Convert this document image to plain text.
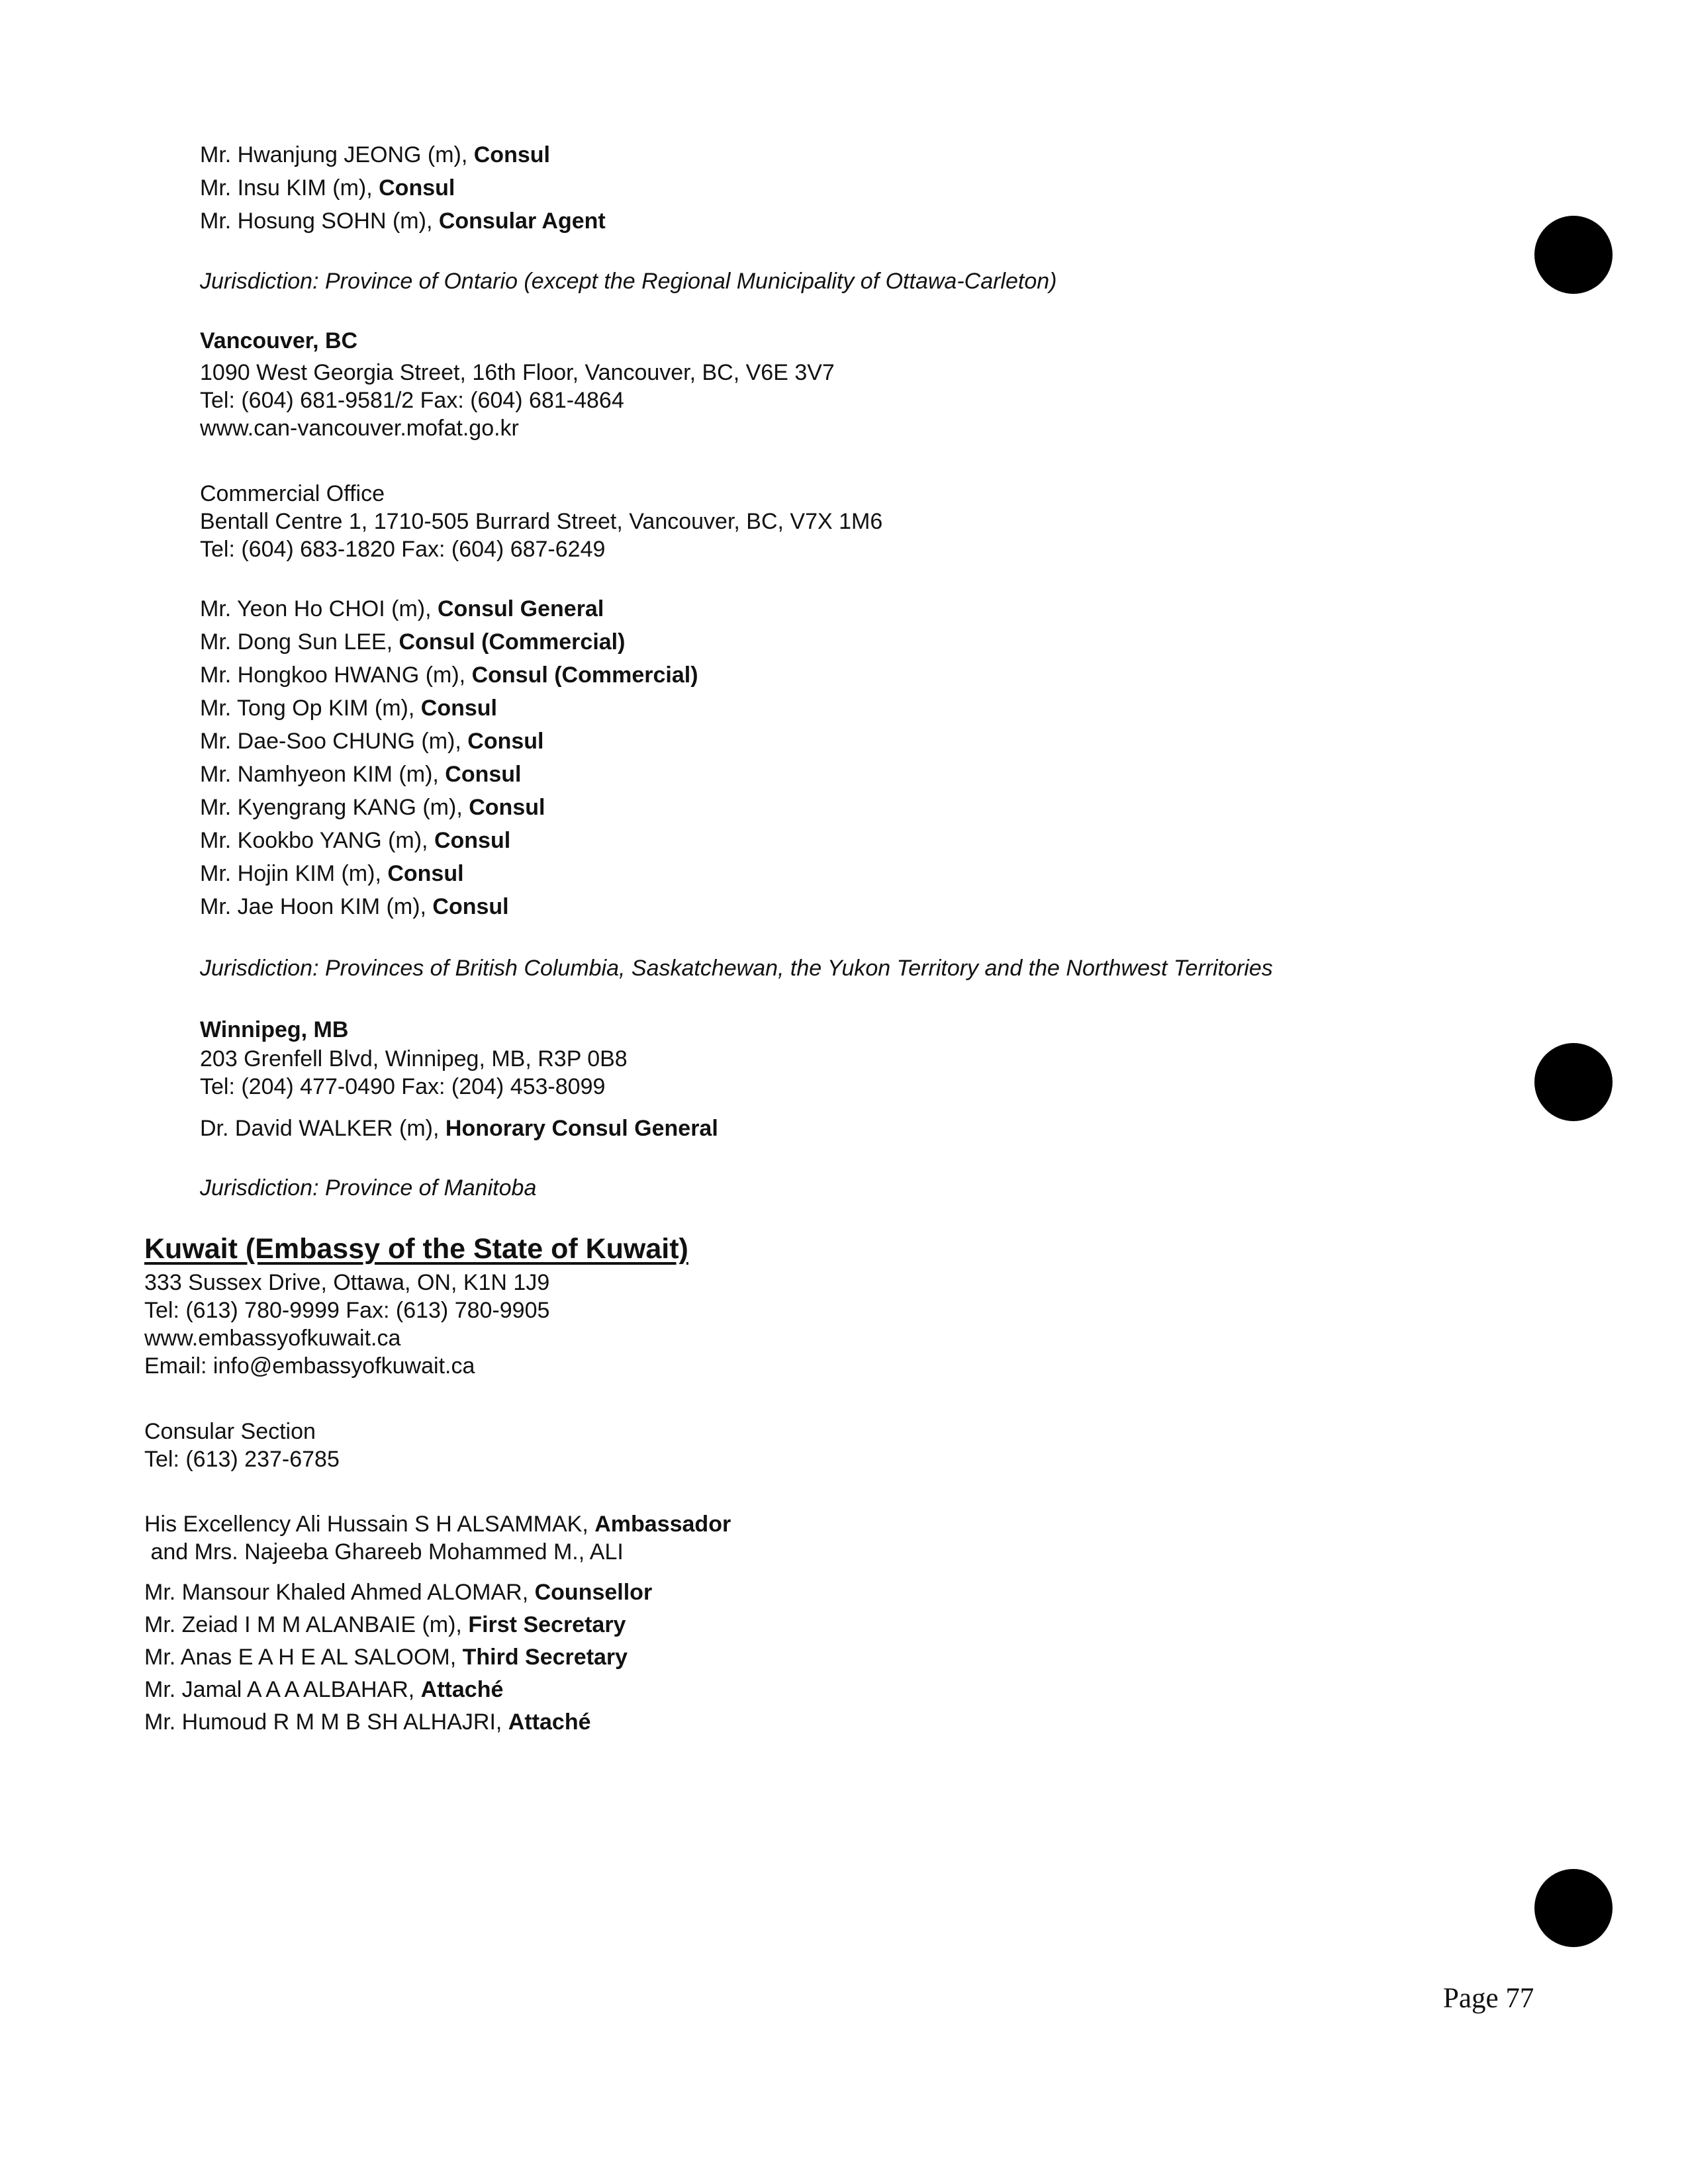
Mr. Hwanjung JEONG (m), Consul
Mr. Insu KIM (m), Consul
Mr. Hosung SOHN (m), Consular Agent
Jurisdiction: Province of Ontario (except the Regional Municipality of Ottawa-Carleton)
Vancouver, BC
1090 West Georgia Street, 16th Floor, Vancouver, BC, V6E 3V7
Tel: (604) 681-9581/2 Fax: (604) 681-4864
www.can-vancouver.mofat.go.kr
Commercial Office
Bentall Centre 1, 1710-505 Burrard Street, Vancouver, BC, V7X 1M6
Tel: (604) 683-1820 Fax: (604) 687-6249
Mr. Yeon Ho CHOI (m), Consul General
Mr. Dong Sun LEE, Consul (Commercial)
Mr. Hongkoo HWANG (m), Consul (Commercial)
Mr. Tong Op KIM (m), Consul
Mr. Dae-Soo CHUNG (m), Consul
Mr. Namhyeon KIM (m), Consul
Mr. Kyengrang KANG (m), Consul
Mr. Kookbo YANG (m), Consul
Mr. Hojin KIM (m), Consul
Mr. Jae Hoon KIM (m), Consul
Jurisdiction: Provinces of British Columbia, Saskatchewan, the Yukon Territory and the Northwest Territories
Winnipeg, MB
203 Grenfell Blvd, Winnipeg, MB, R3P 0B8
Tel: (204) 477-0490 Fax: (204) 453-8099
Dr. David WALKER (m), Honorary Consul General
Jurisdiction: Province of Manitoba
Kuwait (Embassy of the State of Kuwait)
333 Sussex Drive, Ottawa, ON, K1N 1J9
Tel: (613) 780-9999 Fax: (613) 780-9905
www.embassyofkuwait.ca
Email: info@embassyofkuwait.ca
Consular Section
Tel: (613) 237-6785
His Excellency Ali Hussain S H ALSAMMAK, Ambassador
and Mrs. Najeeba Ghareeb Mohammed M., ALI
Mr. Mansour Khaled Ahmed ALOMAR, Counsellor
Mr. Zeiad I M M ALANBAIE (m), First Secretary
Mr. Anas E A H E AL SALOOM, Third Secretary
Mr. Jamal A A A ALBAHAR, Attaché
Mr. Humoud R M M B SH ALHAJRI, Attaché
Page 77
